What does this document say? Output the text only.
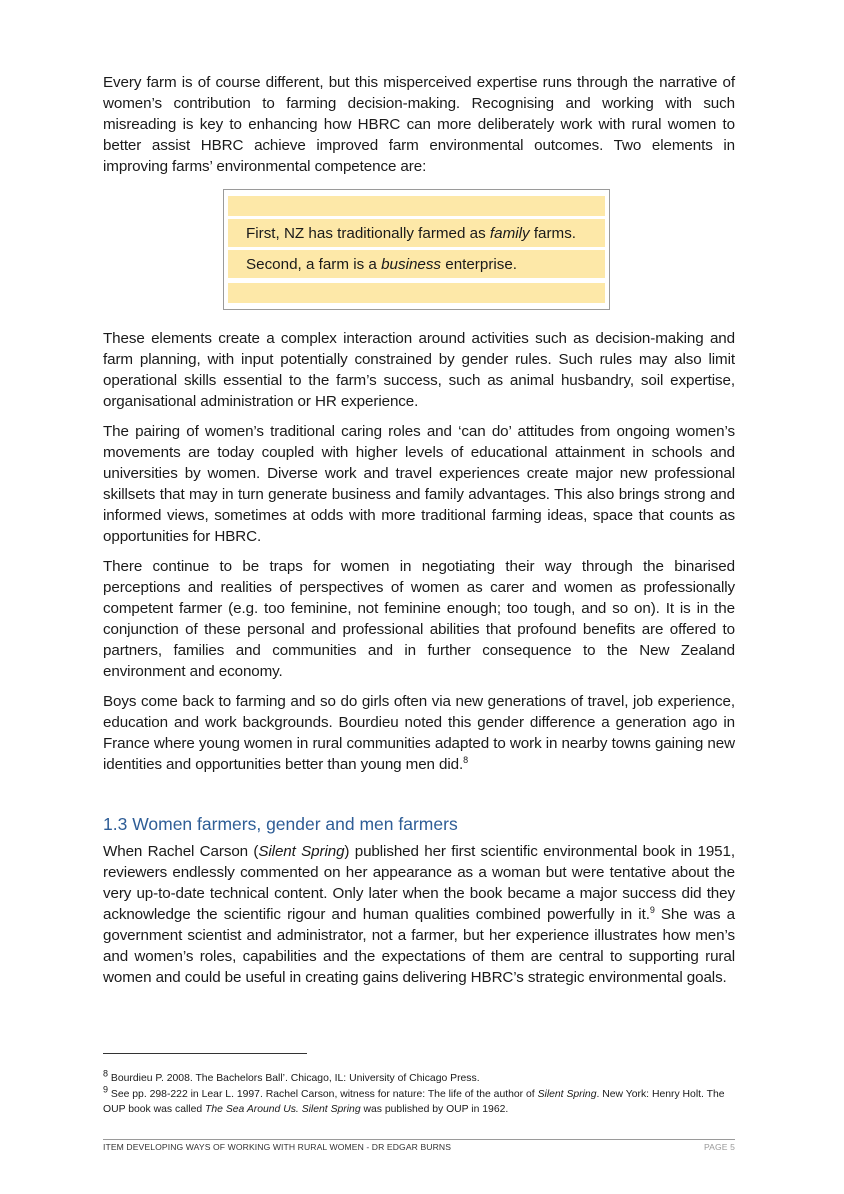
Every farm is of course different, but this misperceived expertise runs through the narrative of women’s contribution to farming decision-making. Recognising and working with such misreading is key to enhancing how HBRC can more deliberately work with rural women to better assist HBRC achieve improved farm environmental outcomes. Two elements in improving farms’ environmental competence are:

First, NZ has traditionally farmed as family farms.
Second, a farm is a business enterprise.

These elements create a complex interaction around activities such as decision-making and farm planning, with input potentially constrained by gender rules. Such rules may also limit operational skills essential to the farm’s success, such as animal husbandry, soil expertise, organisational administration or HR experience.

The pairing of women’s traditional caring roles and ‘can do’ attitudes from ongoing women’s movements are today coupled with higher levels of educational attainment in schools and universities by women. Diverse work and travel experiences create major new professional skillsets that may in turn generate business and family advantages. This also brings strong and informed views, sometimes at odds with more traditional farming ideas, space that counts as opportunities for HBRC.

There continue to be traps for women in negotiating their way through the binarised perceptions and realities of perspectives of women as carer and women as professionally competent farmer (e.g. too feminine, not feminine enough; too tough, and so on). It is in the conjunction of these personal and professional abilities that profound benefits are offered to partners, families and communities and in further consequence to the New Zealand environment and economy.

Boys come back to farming and so do girls often via new generations of travel, job experience, education and work backgrounds. Bourdieu noted this gender difference a generation ago in France where young women in rural communities adapted to work in nearby towns gaining new identities and opportunities better than young men did.$^8$

1.3 Women farmers, gender and men farmers

When Rachel Carson (Silent Spring) published her first scientific environmental book in 1951, reviewers endlessly commented on her appearance as a woman but were tentative about the very up-to-date technical content. Only later when the book became a major success did they acknowledge the scientific rigour and human qualities combined powerfully in it.$^9$ She was a government scientist and administrator, not a farmer, but her experience illustrates how men’s and women’s roles, capabilities and the expectations of them are central to supporting rural women and could be useful in creating gains delivering HBRC’s strategic environmental goals.

$^8$ Bourdieu P. 2008. The Bachelors Ball’. Chicago, IL: University of Chicago Press.

$^9$ See pp. 298-222 in Lear L. 1997. Rachel Carson, witness for nature: The life of the author of Silent Spring. New York: Henry Holt. The OUP book was called The Sea Around Us. Silent Spring was published by OUP in 1962.

ITEM DEVELOPING WAYS OF WORKING WITH RURAL WOMEN - DR EDGAR BURNS	PAGE 5
